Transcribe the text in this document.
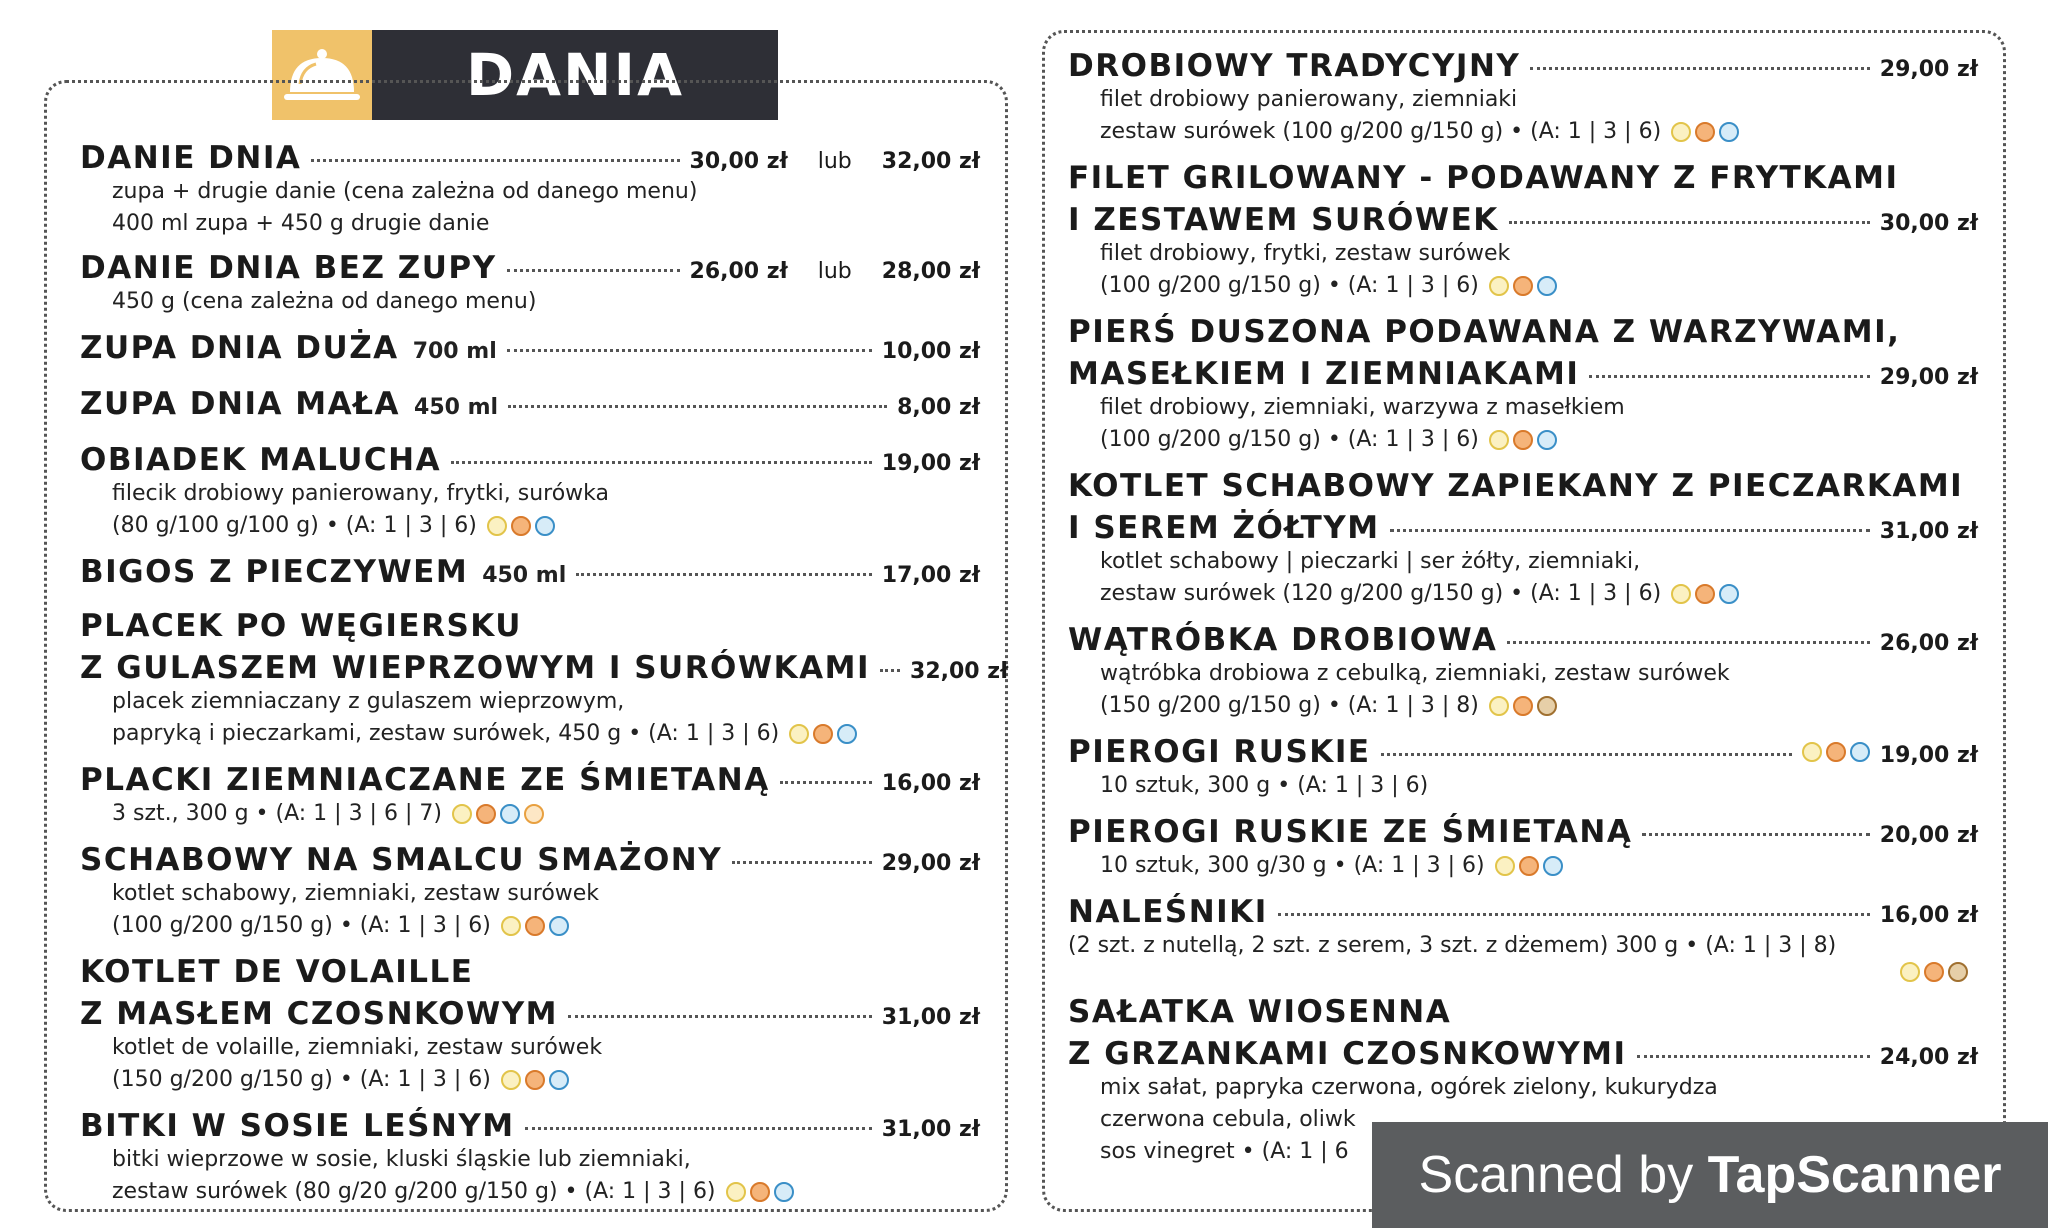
DANIA
DANIE DNIA	30,00 zł lub 32,00 zł
zupa + drugie danie (cena zależna od danego menu)
400 ml zupa + 450 g drugie danie
DANIE DNIA BEZ ZUPY	26,00 zł lub 28,00 zł
450 g (cena zależna od danego menu)
ZUPA DNIA DUŻA 700 ml	10,00 zł
ZUPA DNIA MAŁA 450 ml	8,00 zł
OBIADEK MALUCHA	19,00 zł
filecik drobiowy panierowany, frytki, surówka
(80 g/100 g/100 g) • (A: 1 | 3 | 6)
BIGOS Z PIECZYWEM 450 ml	17,00 zł
PLACEK PO WĘGIERSKU
Z GULASZEM WIEPRZOWYM I SURÓWKAMI 32,00 zł
placek ziemniaczany z gulaszem wieprzowym,
papryką i pieczarkami, zestaw surówek, 450 g • (A: 1 | 3 | 6)
PLACKI ZIEMNIACZANE ZE ŚMIETANĄ	16,00 zł
3 szt., 300 g • (A: 1 | 3 | 6 | 7)
SCHABOWY NA SMALCU SMAŻONY	29,00 zł
kotlet schabowy, ziemniaki, zestaw surówek
(100 g/200 g/150 g) • (A: 1 | 3 | 6)
KOTLET DE VOLAILLE
Z MASŁEM CZOSNKOWYM	31,00 zł
kotlet de volaille, ziemniaki, zestaw surówek
(150 g/200 g/150 g) • (A: 1 | 3 | 6)
BITKI W SOSIE LEŚNYM	31,00 zł
bitki wieprzowe w sosie, kluski śląskie lub ziemniaki,
zestaw surówek (80 g/20 g/200 g/150 g) • (A: 1 | 3 | 6)
DROBIOWY TRADYCYJNY	29,00 zł
filet drobiowy panierowany, ziemniaki
zestaw surówek (100 g/200 g/150 g) • (A: 1 | 3 | 6)
FILET GRILOWANY - PODAWANY Z FRYTKAMI
I ZESTAWEM SURÓWEK	30,00 zł
filet drobiowy, frytki, zestaw surówek
(100 g/200 g/150 g) • (A: 1 | 3 | 6)
PIERŚ DUSZONA PODAWANA Z WARZYWAMI,
MASEŁKIEM I ZIEMNIAKAMI	29,00 zł
filet drobiowy, ziemniaki, warzywa z masełkiem
(100 g/200 g/150 g) • (A: 1 | 3 | 6)
KOTLET SCHABOWY ZAPIEKANY Z PIECZARKAMI
I SEREM ŻÓŁTYM	31,00 zł
kotlet schabowy | pieczarki | ser żółty, ziemniaki,
zestaw surówek (120 g/200 g/150 g) • (A: 1 | 3 | 6)
WĄTRÓBKA DROBIOWA	26,00 zł
wątróbka drobiowa z cebulką, ziemniaki, zestaw surówek
(150 g/200 g/150 g) • (A: 1 | 3 | 8)
PIEROGI RUSKIE	19,00 zł
10 sztuk, 300 g • (A: 1 | 3 | 6)
PIEROGI RUSKIE ZE ŚMIETANĄ	20,00 zł
10 sztuk, 300 g/30 g • (A: 1 | 3 | 6)
NALEŚNIKI	16,00 zł
(2 szt. z nutellą, 2 szt. z serem, 3 szt. z dżemem) 300 g • (A: 1 | 3 | 8)
SAŁATKA WIOSENNA
Z GRZANKAMI CZOSNKOWYMI	24,00 zł
mix sałat, papryka czerwona, ogórek zielony, kukurydza
czerwona cebula, oliwk
sos vinegret • (A: 1 | 6	Scanned by TapScanner
